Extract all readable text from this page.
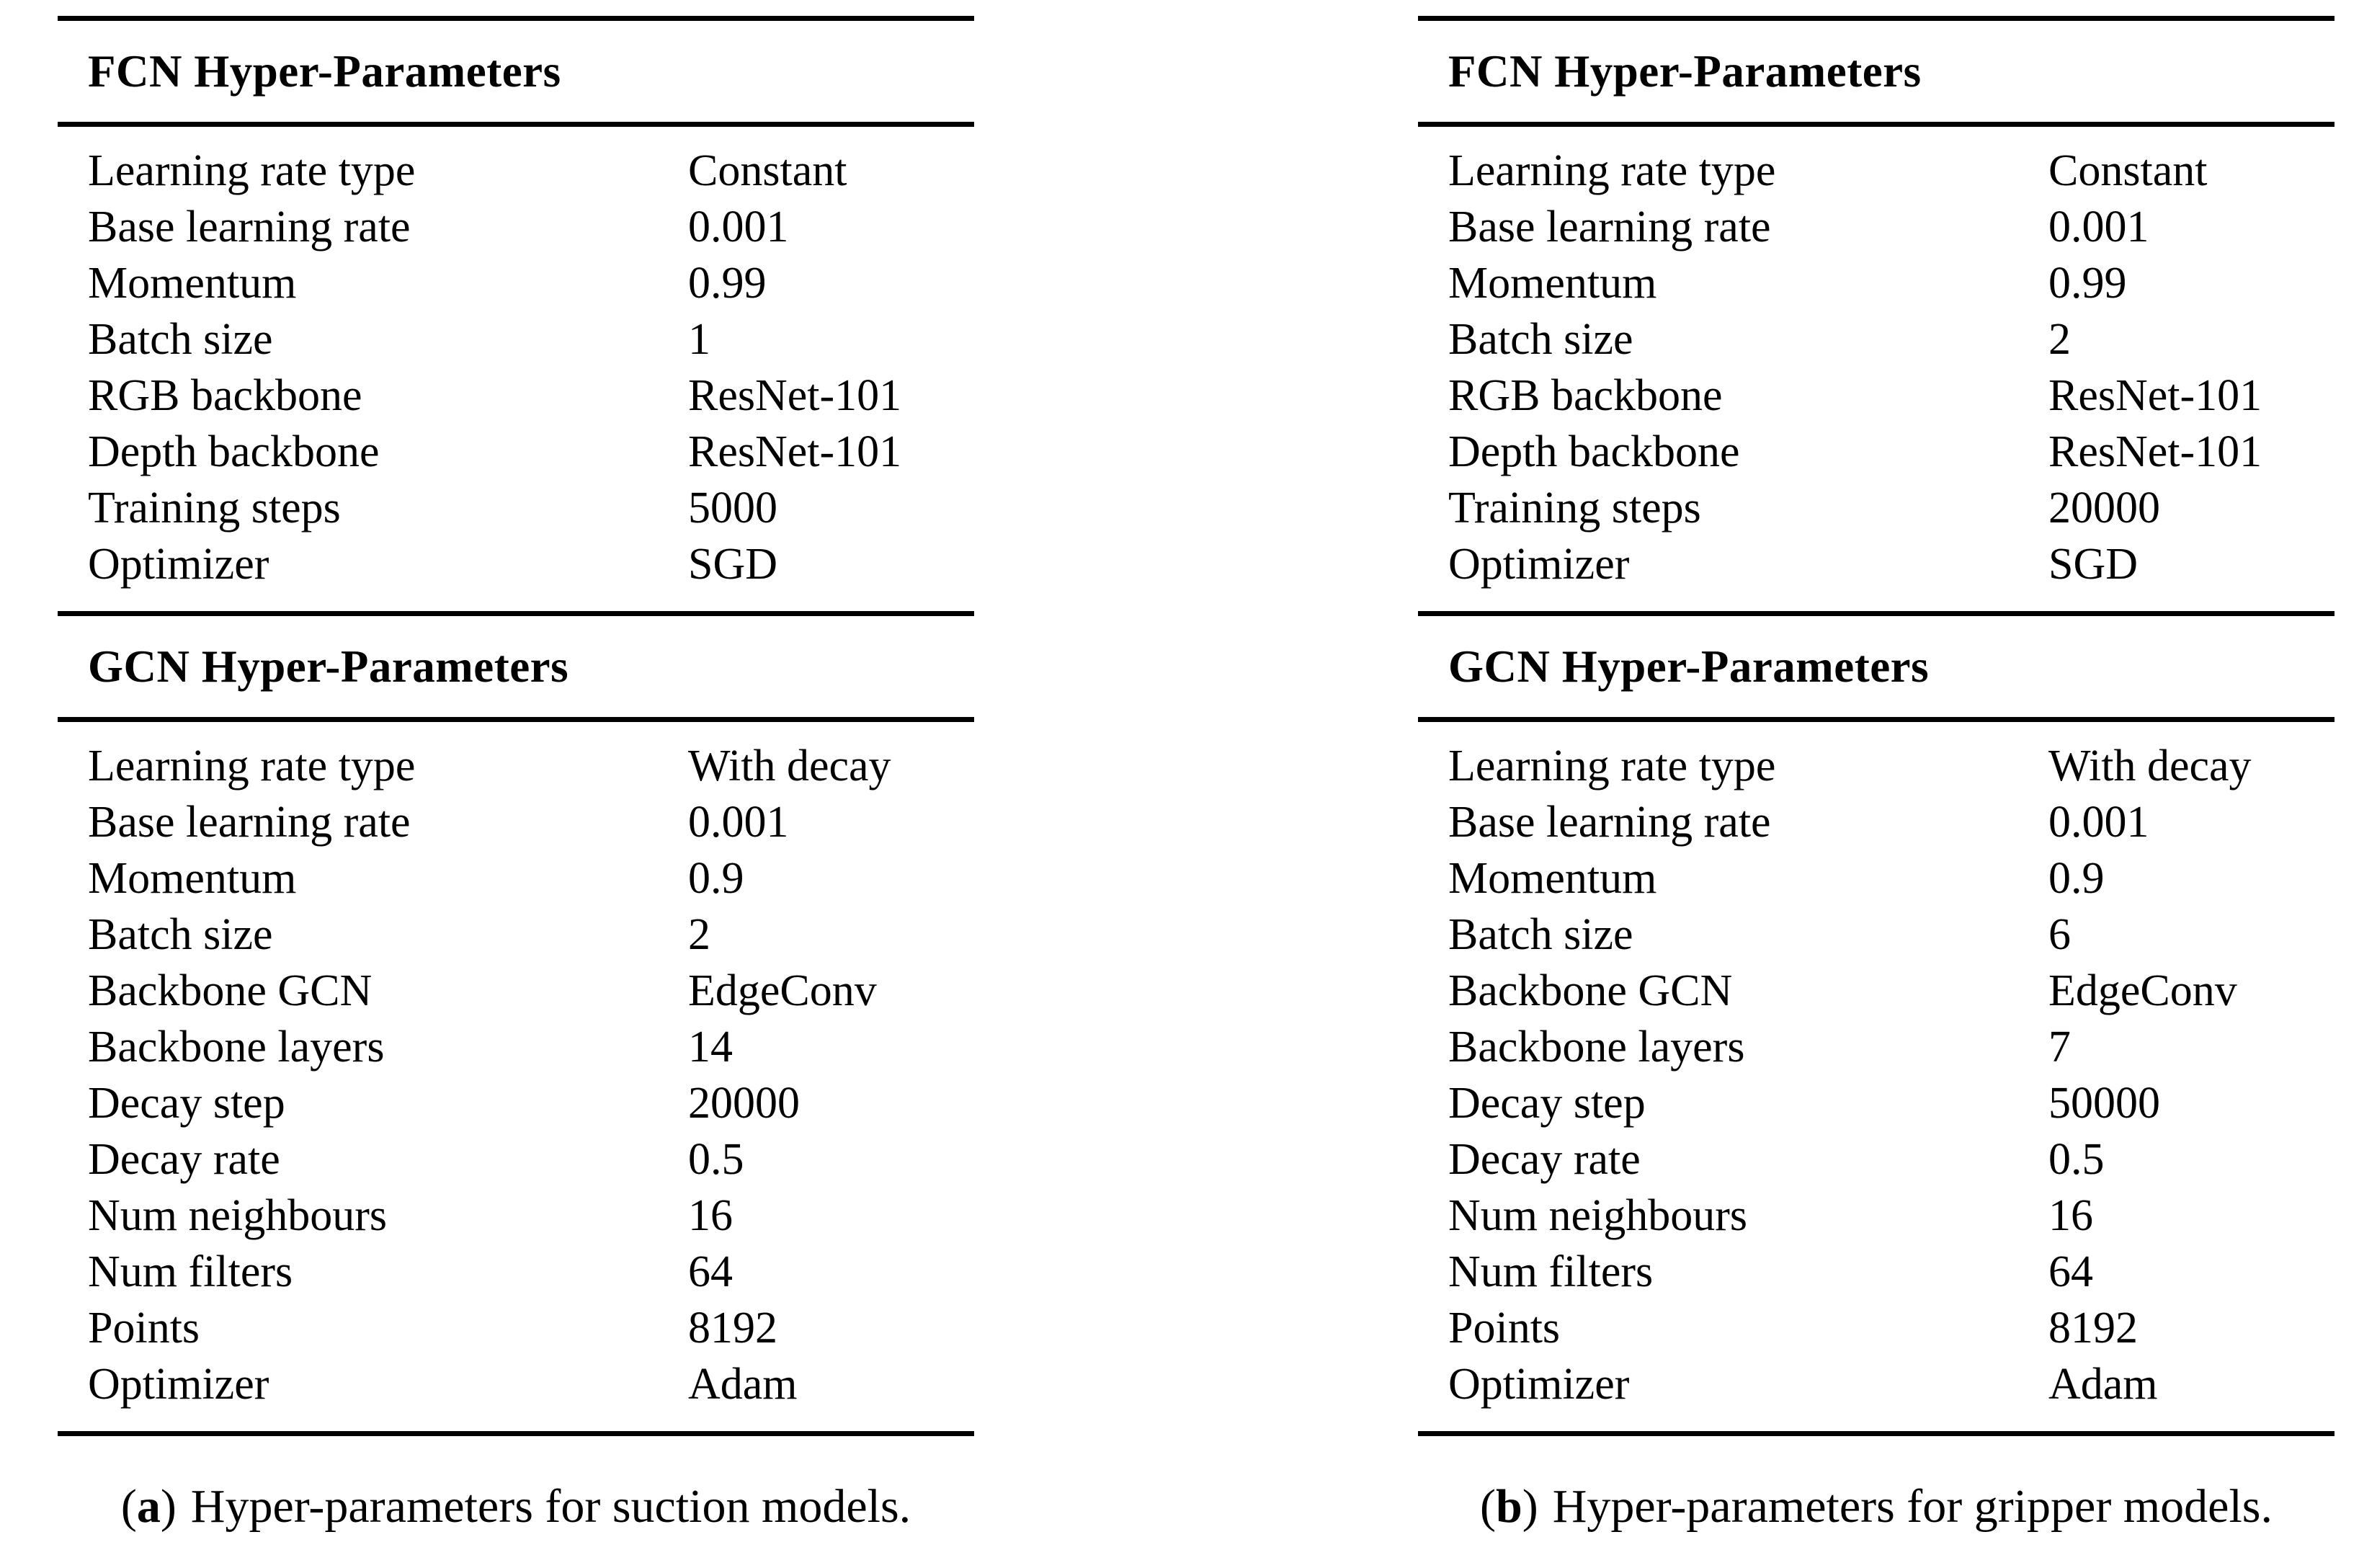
FCN Hyper-Parameters
Learning rate type	Constant
Base learning rate	0.001
Momentum	0.99
Batch size	1
RGB backbone	ResNet-101
Depth backbone	ResNet-101
Training steps	5000
Optimizer	SGD
GCN Hyper-Parameters
Learning rate type	With decay
Base learning rate	0.001
Momentum	0.9
Batch size	2
Backbone GCN	EdgeConv
Backbone layers	14
Decay step	20000
Decay rate	0.5
Num neighbours	16
Num filters	64
Points	8192
Optimizer	Adam
(a) Hyper-parameters for suction models.
FCN Hyper-Parameters
Learning rate type	Constant
Base learning rate	0.001
Momentum	0.99
Batch size	2
RGB backbone	ResNet-101
Depth backbone	ResNet-101
Training steps	20000
Optimizer	SGD
GCN Hyper-Parameters
Learning rate type	With decay
Base learning rate	0.001
Momentum	0.9
Batch size	6
Backbone GCN	EdgeConv
Backbone layers	7
Decay step	50000
Decay rate	0.5
Num neighbours	16
Num filters	64
Points	8192
Optimizer	Adam
(b) Hyper-parameters for gripper models.
